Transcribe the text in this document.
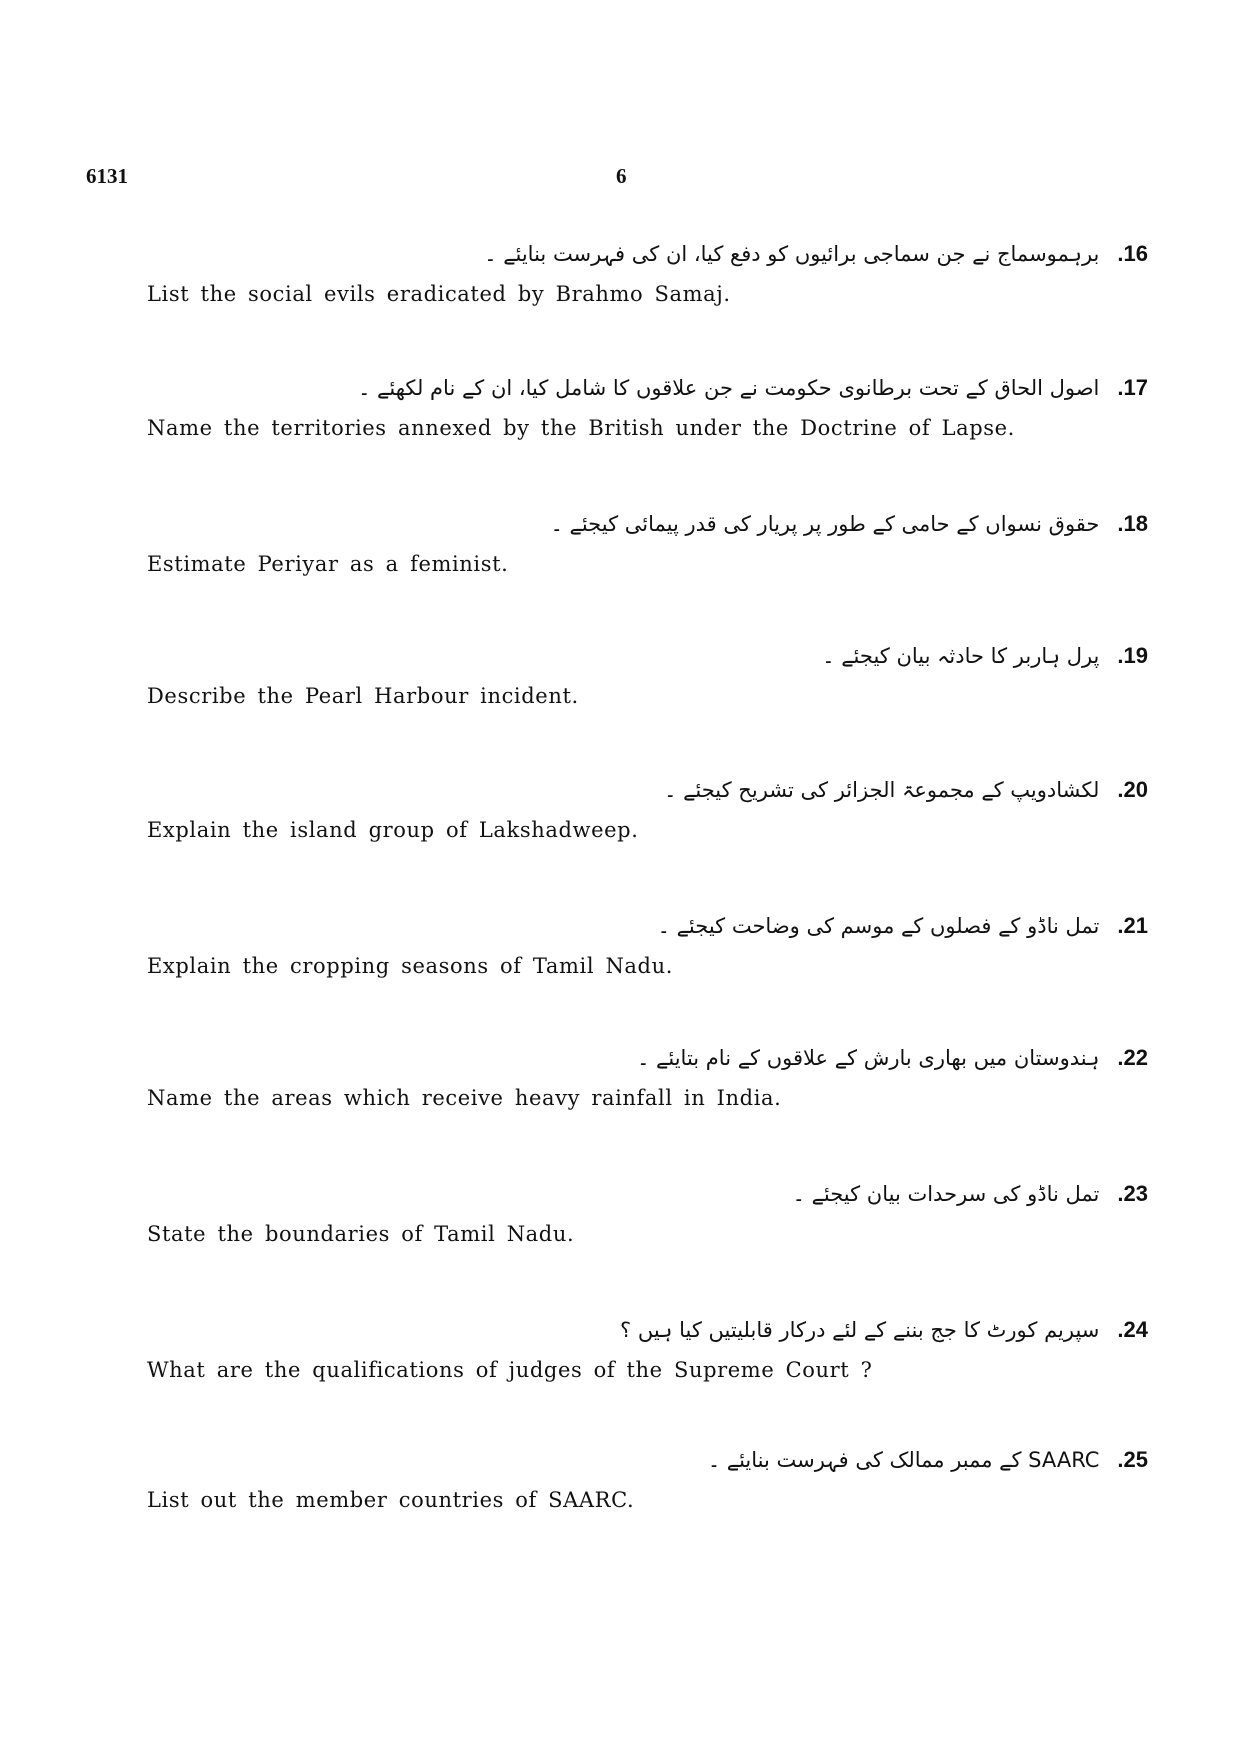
6131	6
.16
برہموسماج نے جن سماجی برائیوں کو دفع کیا، ان کی فہرست بنایئے ۔
List the social evils eradicated by Brahmo Samaj.
.17
اصول الحاق کے تحت برطانوی حکومت نے جن علاقوں کا شامل کیا، ان کے نام لکھئے ۔
Name the territories annexed by the British under the Doctrine of Lapse.
.18
حقوق نسواں کے حامی کے طور پر پریار کی قدر پیمائی کیجئے ۔
Estimate Periyar as a feminist.
.19
پرل ہاربر کا حادثہ بیان کیجئے ۔
Describe the Pearl Harbour incident.
.20
لکشادویپ کے مجموعۃ الجزائر کی تشریح کیجئے ۔
Explain the island group of Lakshadweep.
.21
تمل ناڈو کے فصلوں کے موسم کی وضاحت کیجئے ۔
Explain the cropping seasons of Tamil Nadu.
.22
ہندوستان میں بھاری بارش کے علاقوں کے نام بتایئے ۔
Name the areas which receive heavy rainfall in India.
.23
تمل ناڈو کی سرحدات بیان کیجئے ۔
State the boundaries of Tamil Nadu.
.24
سپریم کورٹ کا جج بننے کے لئے درکار قابلیتیں کیا ہیں ؟
What are the qualifications of judges of the Supreme Court ?
.25
SAARC کے ممبر ممالک کی فہرست بنایئے ۔
List out the member countries of SAARC.
